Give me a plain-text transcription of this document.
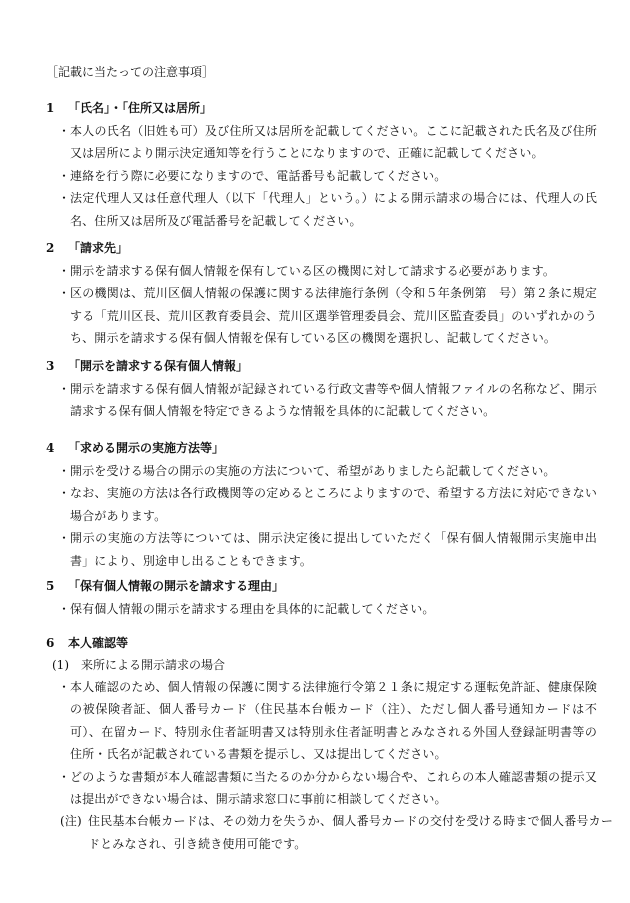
［記載に当たっての注意事項］
1 「氏名」・「住所又は居所」
・ 本人の氏名（旧姓も可）及び住所又は居所を記載してください。ここに記載された氏名及び住所又は居所により開示決定通知等を行うことになりますので、正確に記載してください。
・ 連絡を行う際に必要になりますので、電話番号も記載してください。
・ 法定代理人又は任意代理人（以下「代理人」という。）による開示請求の場合には、代理人の氏名、住所又は居所及び電話番号を記載してください。
2 「請求先」
・ 開示を請求する保有個人情報を保有している区の機関に対して請求する必要があります。
・ 区の機関は、荒川区個人情報の保護に関する法律施行条例（令和５年条例第　号）第２条に規定する「荒川区長、荒川区教育委員会、荒川区選挙管理委員会、荒川区監査委員」のいずれかのうち、開示を請求する保有個人情報を保有している区の機関を選択し、記載してください。
3 「開示を請求する保有個人情報」
・ 開示を請求する保有個人情報が記録されている行政文書等や個人情報ファイルの名称など、開示請求する保有個人情報を特定できるような情報を具体的に記載してください。
4 「求める開示の実施方法等」
・ 開示を受ける場合の開示の実施の方法について、希望がありましたら記載してください。
・ なお、実施の方法は各行政機関等の定めるところによりますので、希望する方法に対応できない場合があります。
・ 開示の実施の方法等については、開示決定後に提出していただく「保有個人情報開示実施申出書」により、別途申し出ることもできます。
5 「保有個人情報の開示を請求する理由」
・ 保有個人情報の開示を請求する理由を具体的に記載してください。
6 本人確認等
(1)　来所による開示請求の場合
・ 本人確認のため、個人情報の保護に関する法律施行令第２１条に規定する運転免許証、健康保険の被保険者証、個人番号カード（住民基本台帳カード（注）、ただし個人番号通知カードは不可）、在留カード、特別永住者証明書又は特別永住者証明書とみなされる外国人登録証明書等の住所・氏名が記載されている書類を提示し、又は提出してください。
・ どのような書類が本人確認書類に当たるのか分からない場合や、これらの本人確認書類の提示又は提出ができない場合は、開示請求窓口に事前に相談してください。
(注) 住民基本台帳カードは、その効力を失うか、個人番号カードの交付を受ける時まで個人番号カードとみなされ、引き続き使用可能です。
